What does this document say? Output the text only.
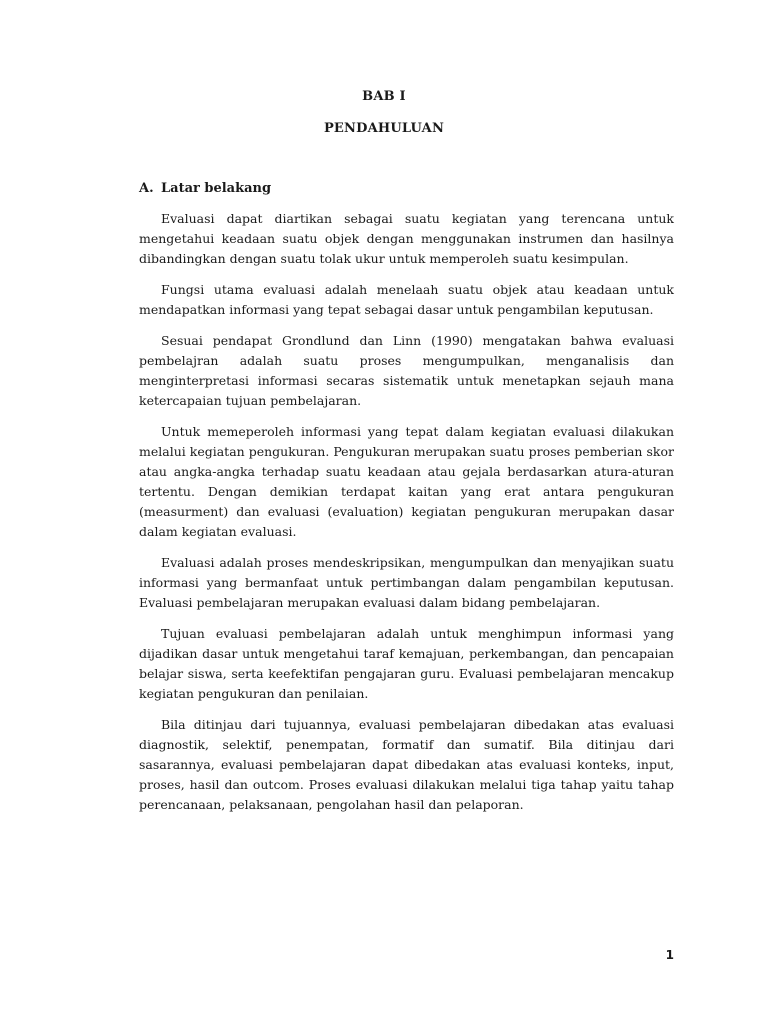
BAB I
PENDAHULUAN
A. Latar belakang

Evaluasi dapat diartikan sebagai suatu kegiatan yang terencana untuk mengetahui keadaan suatu objek dengan menggunakan instrumen dan hasilnya dibandingkan dengan suatu tolak ukur untuk memperoleh suatu kesimpulan.

Fungsi utama evaluasi adalah menelaah suatu objek atau keadaan untuk mendapatkan informasi yang tepat sebagai dasar untuk pengambilan keputusan.

Sesuai pendapat Grondlund dan Linn (1990) mengatakan bahwa evaluasi pembelajran adalah suatu proses mengumpulkan, menganalisis dan menginterpretasi informasi secaras sistematik untuk menetapkan sejauh mana ketercapaian tujuan pembelajaran.

Untuk memeperoleh informasi yang tepat dalam kegiatan evaluasi dilakukan melalui kegiatan pengukuran. Pengukuran merupakan suatu proses pemberian skor atau angka-angka terhadap suatu keadaan atau gejala berdasarkan atura-aturan tertentu. Dengan demikian terdapat kaitan yang erat antara pengukuran (measurment) dan evaluasi (evaluation) kegiatan pengukuran merupakan dasar dalam kegiatan evaluasi.

Evaluasi adalah proses mendeskripsikan, mengumpulkan dan menyajikan suatu informasi yang bermanfaat untuk pertimbangan dalam pengambilan keputusan. Evaluasi pembelajaran merupakan evaluasi dalam bidang pembelajaran.

Tujuan evaluasi pembelajaran adalah untuk menghimpun informasi yang dijadikan dasar untuk mengetahui taraf kemajuan, perkembangan, dan pencapaian belajar siswa, serta keefektifan pengajaran guru. Evaluasi pembelajaran mencakup kegiatan pengukuran dan penilaian.

Bila ditinjau dari tujuannya, evaluasi pembelajaran dibedakan atas evaluasi diagnostik, selektif, penempatan, formatif dan sumatif. Bila ditinjau dari sasarannya, evaluasi pembelajaran dapat dibedakan atas evaluasi konteks, input, proses, hasil dan outcom. Proses evaluasi dilakukan melalui tiga tahap yaitu tahap perencanaan, pelaksanaan, pengolahan hasil dan pelaporan.

1
